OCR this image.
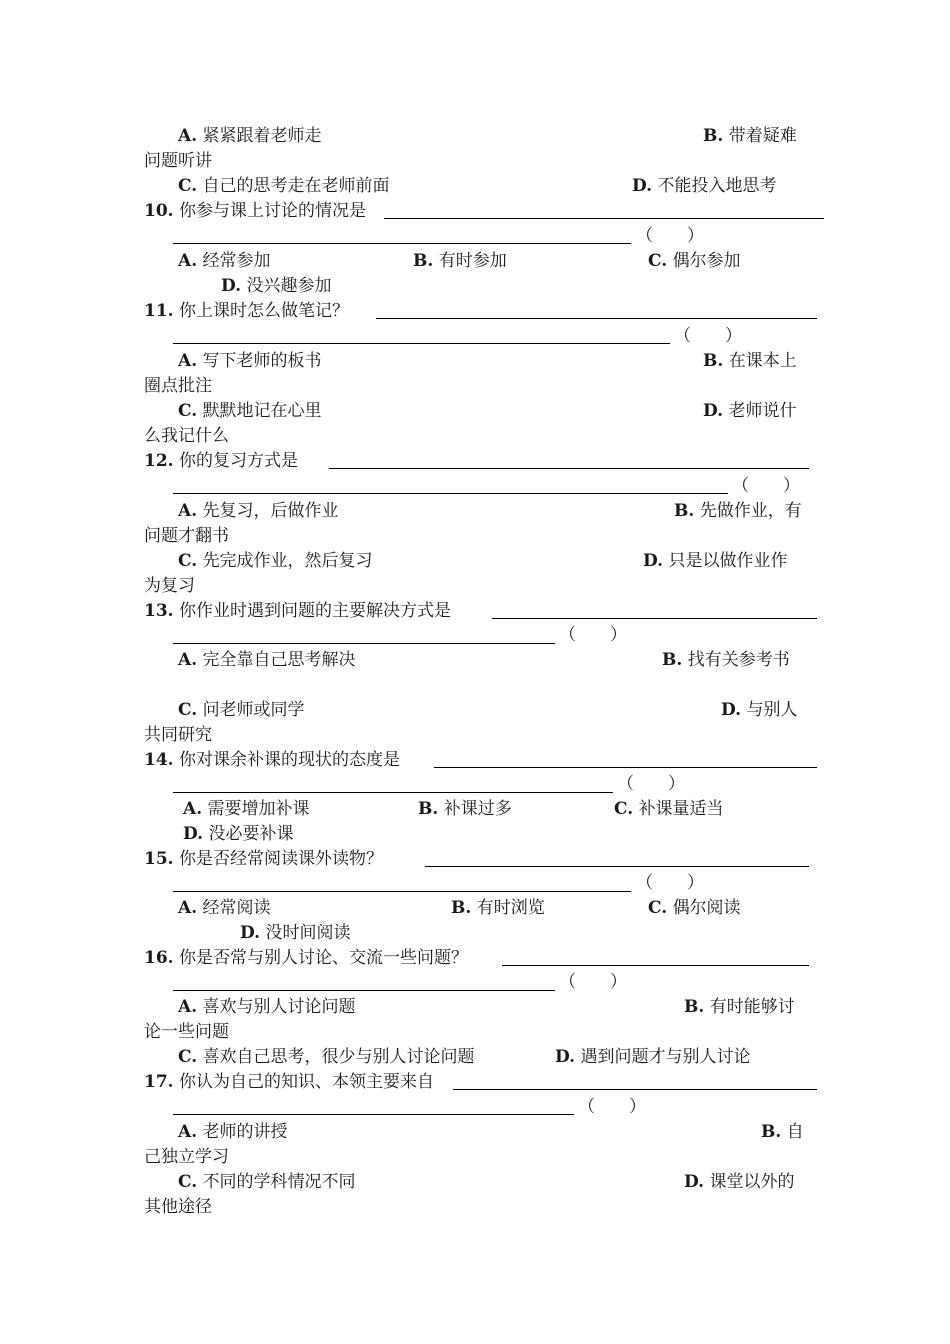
A. 紧紧跟着老师走	B. 带着疑难
问题听讲
C. 自己的思考走在老师前面	D. 不能投入地思考
10. 你参与课上讨论的情况是
（　　）
A. 经常参加	B. 有时参加	C. 偶尔参加
D. 没兴趣参加
11. 你上课时怎么做笔记？
（　　）
A. 写下老师的板书	B. 在课本上
圈点批注
C. 默默地记在心里	D. 老师说什
么我记什么
12. 你的复习方式是
（　　）
A. 先复习，后做作业	B. 先做作业，有
问题才翻书
C. 先完成作业，然后复习	D. 只是以做作业作
为复习
13. 你作业时遇到问题的主要解决方式是
（　　）
A. 完全靠自己思考解决	B. 找有关参考书
C. 问老师或同学	D. 与别人
共同研究
14. 你对课余补课的现状的态度是
（　　）
A. 需要增加补课	B. 补课过多	C. 补课量适当
D. 没必要补课
15. 你是否经常阅读课外读物？
（　　）
A. 经常阅读	B. 有时浏览	C. 偶尔阅读
D. 没时间阅读
16. 你是否常与别人讨论、交流一些问题？
（　　）
A. 喜欢与别人讨论问题	B. 有时能够讨
论一些问题
C. 喜欢自己思考，很少与别人讨论问题	D. 遇到问题才与别人讨论
17. 你认为自己的知识、本领主要来自
（　　）
A. 老师的讲授	B. 自
己独立学习
C. 不同的学科情况不同	D. 课堂以外的
其他途径
